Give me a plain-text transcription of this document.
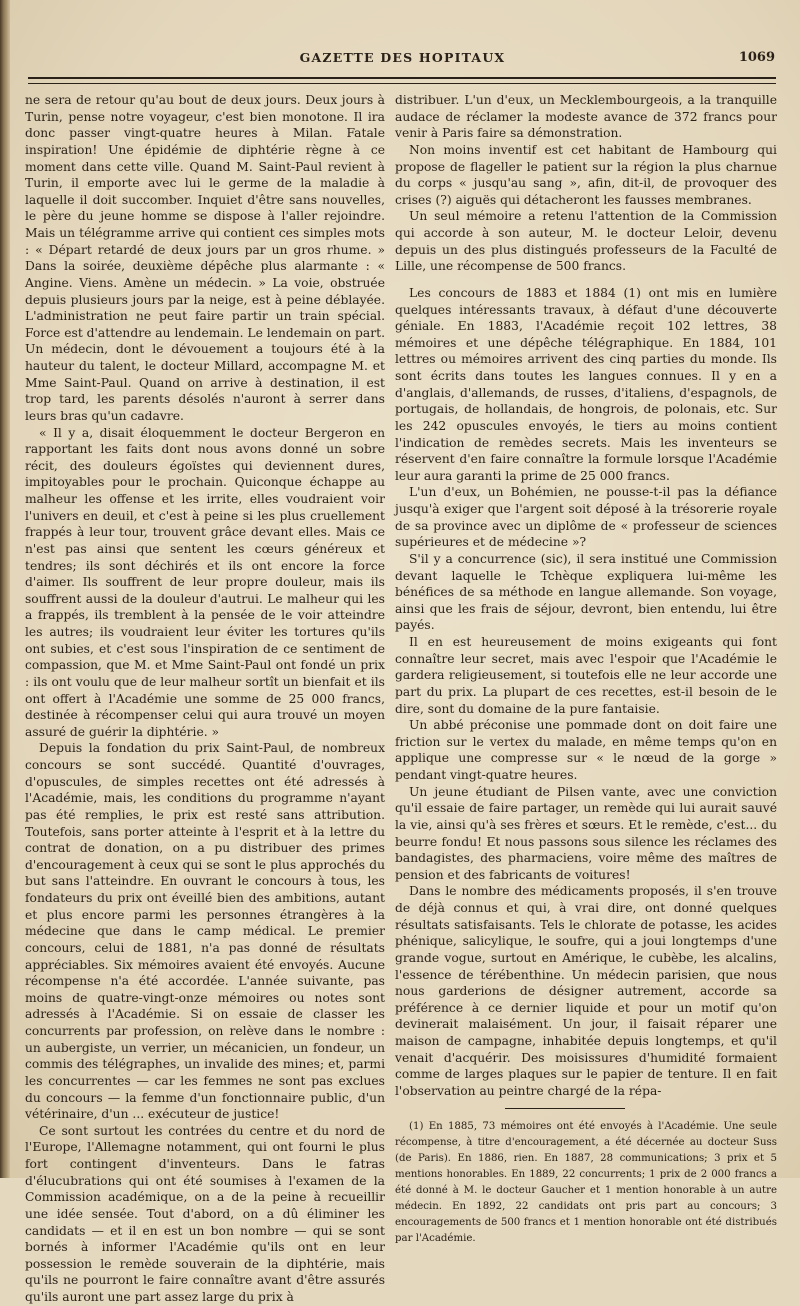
GAZETTE DES HOPITAUX	1069

ne sera de retour qu'au bout de deux jours. Deux jours à Turin, pense notre voyageur, c'est bien monotone. Il ira donc passer vingt-quatre heures à Milan. Fatale inspiration! Une épidémie de diphtérie règne à ce moment dans cette ville. Quand M. Saint-Paul revient à Turin, il emporte avec lui le germe de la maladie à laquelle il doit succomber. Inquiet d'être sans nouvelles, le père du jeune homme se dispose à l'aller rejoindre. Mais un télégramme arrive qui contient ces simples mots : « Départ retardé de deux jours par un gros rhume. » Dans la soirée, deuxième dépêche plus alarmante : « Angine. Viens. Amène un médecin. » La voie, obstruée depuis plusieurs jours par la neige, est à peine déblayée. L'administration ne peut faire partir un train spécial. Force est d'attendre au lendemain. Le lendemain on part. Un médecin, dont le dévouement a toujours été à la hauteur du talent, le docteur Millard, accompagne M. et Mme Saint-Paul. Quand on arrive à destination, il est trop tard, les parents désolés n'auront à serrer dans leurs bras qu'un cadavre.

« Il y a, disait éloquemment le docteur Bergeron en rapportant les faits dont nous avons donné un sobre récit, des douleurs égoïstes qui deviennent dures, impitoyables pour le prochain. Quiconque échappe au malheur les offense et les irrite, elles voudraient voir l'univers en deuil, et c'est à peine si les plus cruellement frappés à leur tour, trouvent grâce devant elles. Mais ce n'est pas ainsi que sentent les cœurs généreux et tendres; ils sont déchirés et ils ont encore la force d'aimer. Ils souffrent de leur propre douleur, mais ils souffrent aussi de la douleur d'autrui. Le malheur qui les a frappés, ils tremblent à la pensée de le voir atteindre les autres; ils voudraient leur éviter les tortures qu'ils ont subies, et c'est sous l'inspiration de ce sentiment de compassion, que M. et Mme Saint-Paul ont fondé un prix : ils ont voulu que de leur malheur sortît un bienfait et ils ont offert à l'Académie une somme de 25 000 francs, destinée à récompenser celui qui aura trouvé un moyen assuré de guérir la diphtérie. »

Depuis la fondation du prix Saint-Paul, de nombreux concours se sont succédé. Quantité d'ouvrages, d'opuscules, de simples recettes ont été adressés à l'Académie, mais, les conditions du programme n'ayant pas été remplies, le prix est resté sans attribution. Toutefois, sans porter atteinte à l'esprit et à la lettre du contrat de donation, on a pu distribuer des primes d'encouragement à ceux qui se sont le plus approchés du but sans l'atteindre. En ouvrant le concours à tous, les fondateurs du prix ont éveillé bien des ambitions, autant et plus encore parmi les personnes étrangères à la médecine que dans le camp médical. Le premier concours, celui de 1881, n'a pas donné de résultats appréciables. Six mémoires avaient été envoyés. Aucune récompense n'a été accordée. L'année suivante, pas moins de quatre-vingt-onze mémoires ou notes sont adressés à l'Académie. Si on essaie de classer les concurrents par profession, on relève dans le nombre : un aubergiste, un verrier, un mécanicien, un fondeur, un commis des télégraphes, un invalide des mines; et, parmi les concurrentes — car les femmes ne sont pas exclues du concours — la femme d'un fonctionnaire public, d'un vétérinaire, d'un ... exécuteur de justice!

Ce sont surtout les contrées du centre et du nord de l'Europe, l'Allemagne notamment, qui ont fourni le plus fort contingent d'inventeurs. Dans le fatras d'élucubrations qui ont été soumises à l'examen de la Commission académique, on a de la peine à recueillir une idée sensée. Tout d'abord, on a dû éliminer les candidats — et il en est un bon nombre — qui se sont bornés à informer l'Académie qu'ils ont en leur possession le remède souverain de la diphtérie, mais qu'ils ne pourront le faire connaître avant d'être assurés qu'ils auront une part assez large du prix à

distribuer. L'un d'eux, un Mecklembourgeois, a la tranquille audace de réclamer la modeste avance de 372 francs pour venir à Paris faire sa démonstration.

Non moins inventif est cet habitant de Hambourg qui propose de flageller le patient sur la région la plus charnue du corps « jusqu'au sang », afin, dit-il, de provoquer des crises (?) aiguës qui détacheront les fausses membranes.

Un seul mémoire a retenu l'attention de la Commission qui accorde à son auteur, M. le docteur Leloir, devenu depuis un des plus distingués professeurs de la Faculté de Lille, une récompense de 500 francs.

Les concours de 1883 et 1884 (1) ont mis en lumière quelques intéressants travaux, à défaut d'une découverte géniale. En 1883, l'Académie reçoit 102 lettres, 38 mémoires et une dépêche télégraphique. En 1884, 101 lettres ou mémoires arrivent des cinq parties du monde. Ils sont écrits dans toutes les langues connues. Il y en a d'anglais, d'allemands, de russes, d'italiens, d'espagnols, de portugais, de hollandais, de hongrois, de polonais, etc. Sur les 242 opuscules envoyés, le tiers au moins contient l'indication de remèdes secrets. Mais les inventeurs se réservent d'en faire connaître la formule lorsque l'Académie leur aura garanti la prime de 25 000 francs.

L'un d'eux, un Bohémien, ne pousse-t-il pas la défiance jusqu'à exiger que l'argent soit déposé à la trésorerie royale de sa province avec un diplôme de « professeur de sciences supérieures et de médecine »?

S'il y a concurrence (sic), il sera institué une Commission devant laquelle le Tchèque expliquera lui-même les bénéfices de sa méthode en langue allemande. Son voyage, ainsi que les frais de séjour, devront, bien entendu, lui être payés.

Il en est heureusement de moins exigeants qui font connaître leur secret, mais avec l'espoir que l'Académie le gardera religieusement, si toutefois elle ne leur accorde une part du prix. La plupart de ces recettes, est-il besoin de le dire, sont du domaine de la pure fantaisie.

Un abbé préconise une pommade dont on doit faire une friction sur le vertex du malade, en même temps qu'on en applique une compresse sur « le nœud de la gorge » pendant vingt-quatre heures.

Un jeune étudiant de Pilsen vante, avec une conviction qu'il essaie de faire partager, un remède qui lui aurait sauvé la vie, ainsi qu'à ses frères et sœurs. Et le remède, c'est... du beurre fondu! Et nous passons sous silence les réclames des bandagistes, des pharmaciens, voire même des maîtres de pension et des fabricants de voitures!

Dans le nombre des médicaments proposés, il s'en trouve de déjà connus et qui, à vrai dire, ont donné quelques résultats satisfaisants. Tels le chlorate de potasse, les acides phénique, salicylique, le soufre, qui a joui longtemps d'une grande vogue, surtout en Amérique, le cubèbe, les alcalins, l'essence de térébenthine. Un médecin parisien, que nous nous garderions de désigner autrement, accorde sa préférence à ce dernier liquide et pour un motif qu'on devinerait malaisément. Un jour, il faisait réparer une maison de campagne, inhabitée depuis longtemps, et qu'il venait d'acquérir. Des moisissures d'humidité formaient comme de larges plaques sur le papier de tenture. Il en fait l'observation au peintre chargé de la répa-

(1) En 1885, 73 mémoires ont été envoyés à l'Académie. Une seule récompense, à titre d'encouragement, a été décernée au docteur Suss (de Paris). En 1886, rien. En 1887, 28 communications; 3 prix et 5 mentions honorables. En 1889, 22 concurrents; 1 prix de 2 000 francs a été donné à M. le docteur Gaucher et 1 mention honorable à un autre médecin. En 1892, 22 candidats ont pris part au concours; 3 encouragements de 500 francs et 1 mention honorable ont été distribués par l'Académie.
